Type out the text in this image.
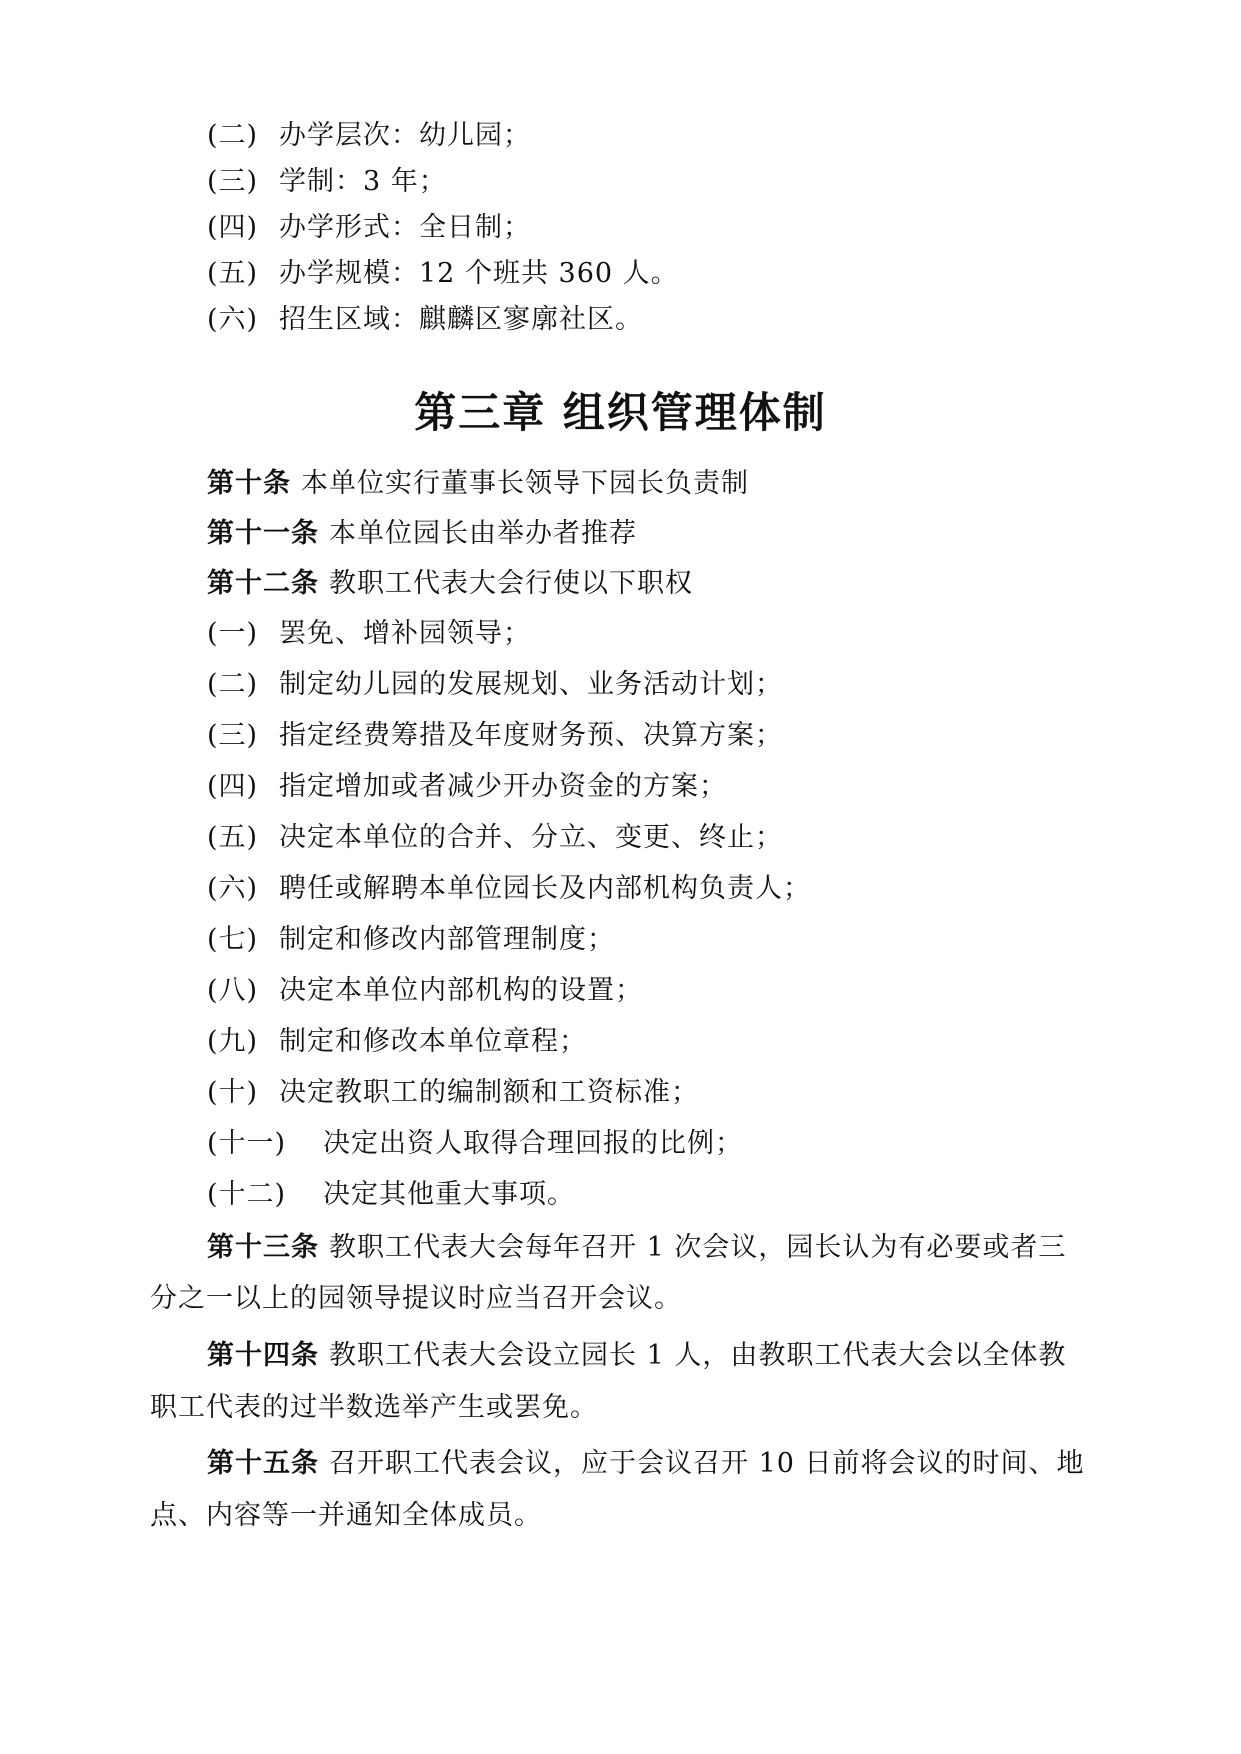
(二) 办学层次：幼儿园；
(三) 学制：3 年；
(四) 办学形式：全日制；
(五) 办学规模：12 个班共 360 人。
(六) 招生区域：麒麟区寥廓社区。
第三章 组织管理体制
第十条 本单位实行董事长领导下园长负责制
第十一条 本单位园长由举办者推荐
第十二条 教职工代表大会行使以下职权
(一) 罢免、增补园领导；
(二) 制定幼儿园的发展规划、业务活动计划；
(三) 指定经费筹措及年度财务预、决算方案；
(四) 指定增加或者减少开办资金的方案；
(五) 决定本单位的合并、分立、变更、终止；
(六) 聘任或解聘本单位园长及内部机构负责人；
(七) 制定和修改内部管理制度；
(八) 决定本单位内部机构的设置；
(九) 制定和修改本单位章程；
(十) 决定教职工的编制额和工资标准；
(十一) 决定出资人取得合理回报的比例；
(十二) 决定其他重大事项。
第十三条 教职工代表大会每年召开 1 次会议，园长认为有必要或者三
分之一以上的园领导提议时应当召开会议。
第十四条 教职工代表大会设立园长 1 人，由教职工代表大会以全体教
职工代表的过半数选举产生或罢免。
第十五条 召开职工代表会议，应于会议召开 10 日前将会议的时间、地
点、内容等一并通知全体成员。
